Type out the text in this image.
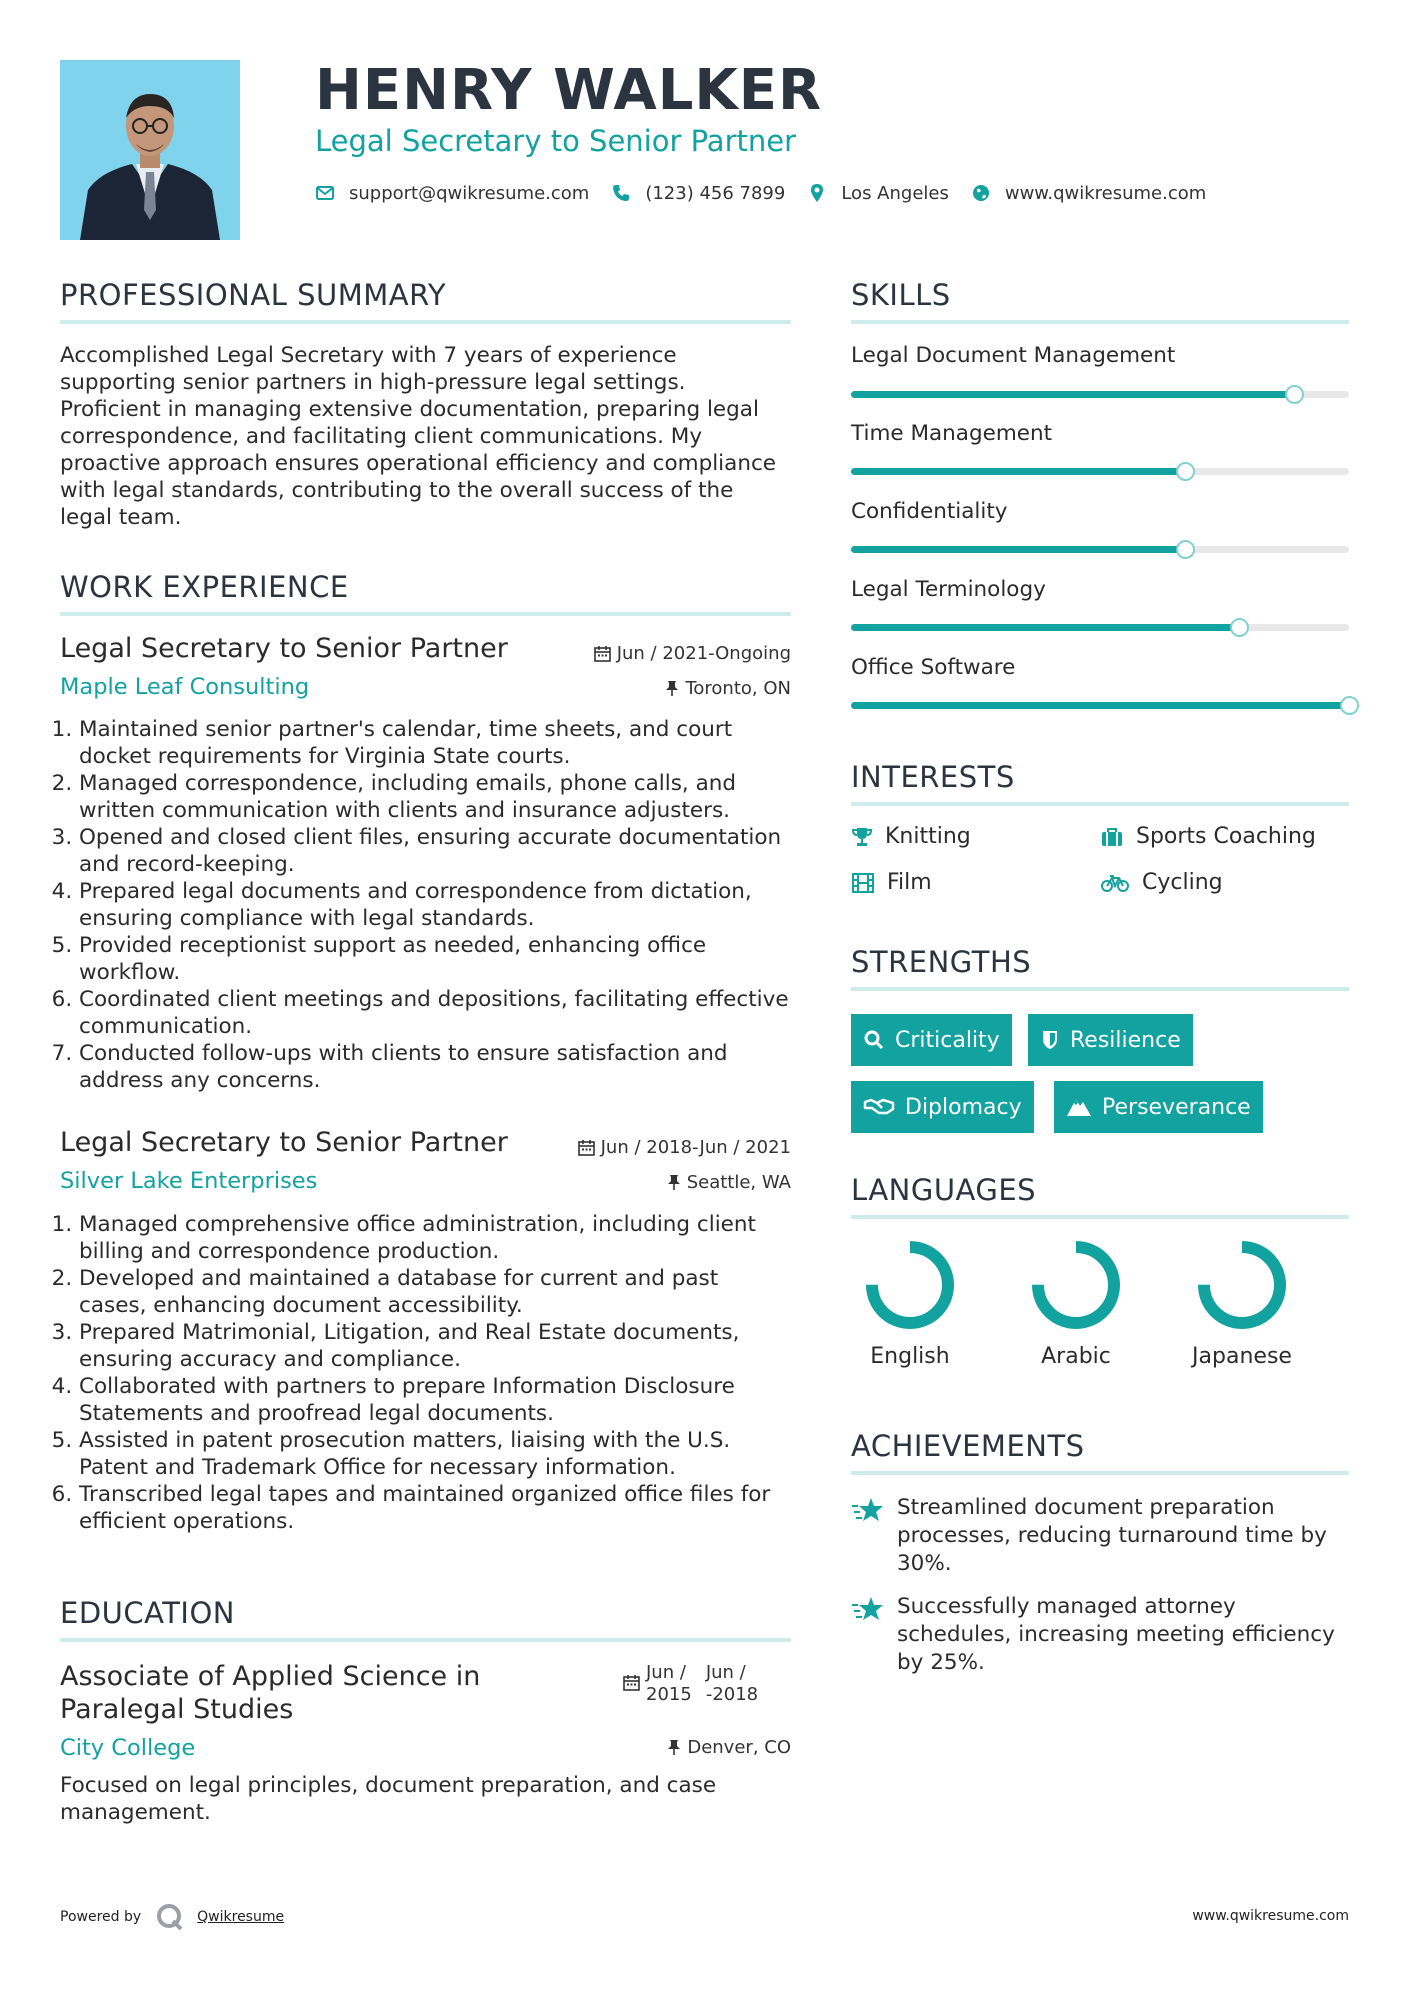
HENRY WALKER
Legal Secretary to Senior Partner
support@qwikresume.com	(123) 456 7899	Los Angeles	www.qwikresume.com
PROFESSIONAL SUMMARY

Accomplished Legal Secretary with 7 years of experience supporting senior partners in high-pressure legal settings. Proficient in managing extensive documentation, preparing legal correspondence, and facilitating client communications. My proactive approach ensures operational efficiency and compliance with legal standards, contributing to the overall success of the legal team.

WORK EXPERIENCE
Legal Secretary to Senior Partner	Jun / 2021-Ongoing
Maple Leaf Consulting	Toronto, ON
1. Maintained senior partner's calendar, time sheets, and court docket requirements for Virginia State courts.
2. Managed correspondence, including emails, phone calls, and written communication with clients and insurance adjusters.
3. Opened and closed client files, ensuring accurate documentation and record-keeping.
4. Prepared legal documents and correspondence from dictation, ensuring compliance with legal standards.
5. Provided receptionist support as needed, enhancing office workflow.
6. Coordinated client meetings and depositions, facilitating effective communication.
7. Conducted follow-ups with clients to ensure satisfaction and address any concerns.
Legal Secretary to Senior Partner	Jun / 2018-Jun / 2021
Silver Lake Enterprises	Seattle, WA
1. Managed comprehensive office administration, including client billing and correspondence production.
2. Developed and maintained a database for current and past cases, enhancing document accessibility.
3. Prepared Matrimonial, Litigation, and Real Estate documents, ensuring accuracy and compliance.
4. Collaborated with partners to prepare Information Disclosure Statements and proofread legal documents.
5. Assisted in patent prosecution matters, liaising with the U.S. Patent and Trademark Office for necessary information.
6. Transcribed legal tapes and maintained organized office files for efficient operations.
EDUCATION
Associate of Applied Science in
Paralegal Studies
Jun /
2015
Jun /
- 2018
City College	Denver, CO

Focused on legal principles, document preparation, and case management.

SKILLS
Legal Document Management
Time Management
Confidentiality
Legal Terminology
Office Software
INTERESTS
Knitting	Sports Coaching
Film	Cycling
STRENGTHS
Criticality	Resilience
Diplomacy	Perseverance
LANGUAGES
English	Arabic	Japanese
ACHIEVEMENTS

Streamlined document preparation processes, reducing turnaround time by 30%.

Successfully managed attorney schedules, increasing meeting efficiency by 25%.

Powered by	Qwikresume	www.qwikresume.com
